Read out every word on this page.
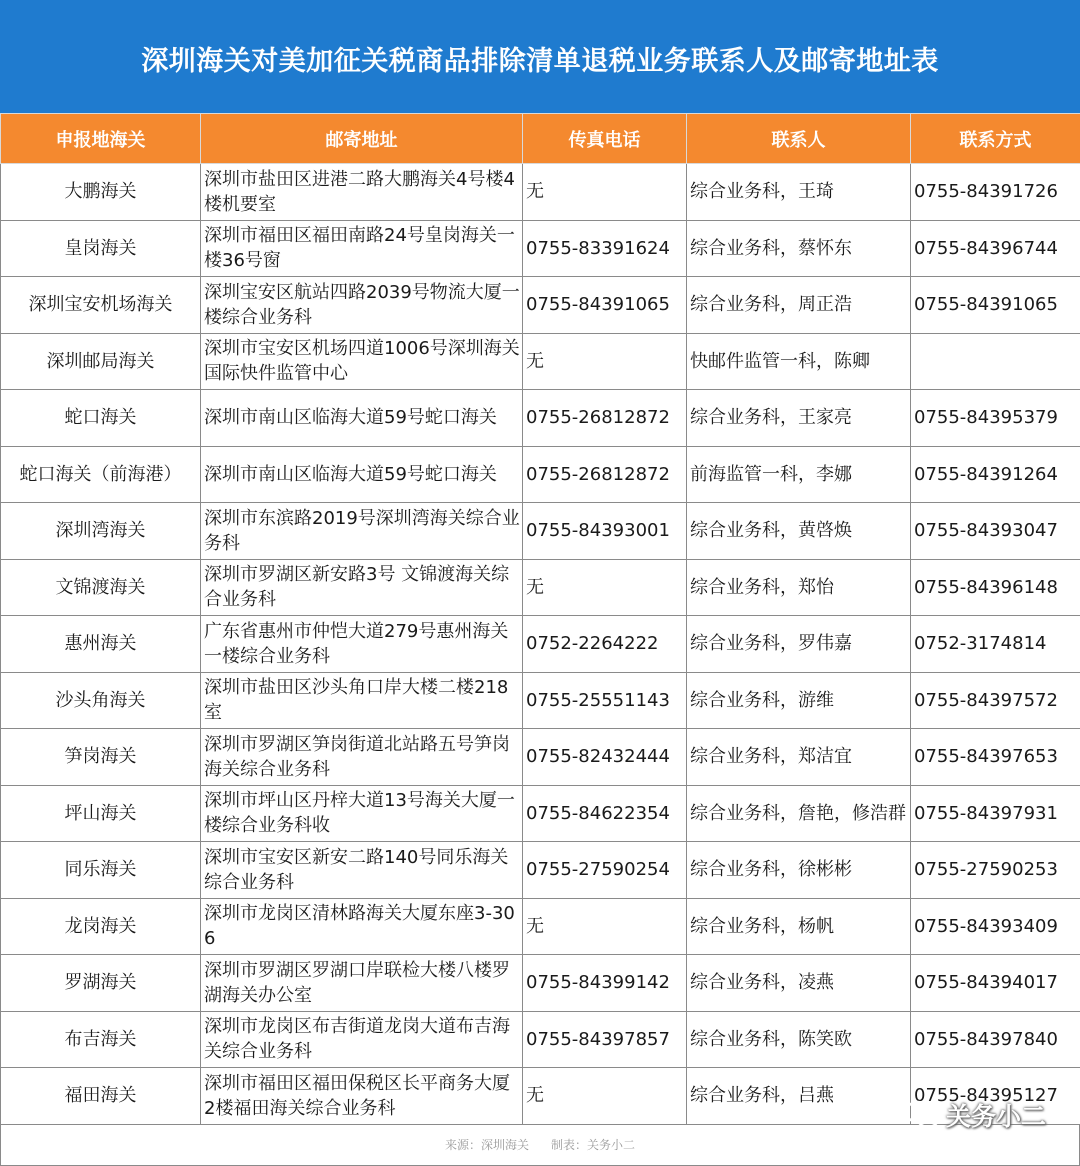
深圳海关对美加征关税商品排除清单退税业务联系人及邮寄地址表
申报地海关	邮寄地址	传真电话	联系人	联系方式
大鹏海关	深圳市盐田区进港二路大鹏海关4号楼4楼机要室	无	综合业务科，王琦	0755-84391726
皇岗海关	深圳市福田区福田南路24号皇岗海关一楼36号窗	0755-83391624	综合业务科，蔡怀东	0755-84396744
深圳宝安机场海关	深圳宝安区航站四路2039号物流大厦一楼综合业务科	0755-84391065	综合业务科，周正浩	0755-84391065
深圳邮局海关	深圳市宝安区机场四道1006号深圳海关国际快件监管中心	无	快邮件监管一科，陈卿	
蛇口海关	深圳市南山区临海大道59号蛇口海关	0755-26812872	综合业务科，王家亮	0755-84395379
蛇口海关（前海港）	深圳市南山区临海大道59号蛇口海关	0755-26812872	前海监管一科，李娜	0755-84391264
深圳湾海关	深圳市东滨路2019号深圳湾海关综合业务科	0755-84393001	综合业务科，黄啓焕	0755-84393047
文锦渡海关	深圳市罗湖区新安路3号 文锦渡海关综合业务科	无	综合业务科，郑怡	0755-84396148
惠州海关	广东省惠州市仲恺大道279号惠州海关一楼综合业务科	0752-2264222	综合业务科，罗伟嘉	0752-3174814
沙头角海关	深圳市盐田区沙头角口岸大楼二楼218室	0755-25551143	综合业务科，游维	0755-84397572
笋岗海关	深圳市罗湖区笋岗街道北站路五号笋岗海关综合业务科	0755-82432444	综合业务科，郑洁宜	0755-84397653
坪山海关	深圳市坪山区丹梓大道13号海关大厦一楼综合业务科收	0755-84622354	综合业务科，詹艳，修浩群	0755-84397931
同乐海关	深圳市宝安区新安二路140号同乐海关综合业务科	0755-27590254	综合业务科，徐彬彬	0755-27590253
龙岗海关	深圳市龙岗区清林路海关大厦东座3-306	无	综合业务科，杨帆	0755-84393409
罗湖海关	深圳市罗湖区罗湖口岸联检大楼八楼罗湖海关办公室	0755-84399142	综合业务科，凌燕	0755-84394017
布吉海关	深圳市龙岗区布吉街道龙岗大道布吉海关综合业务科	0755-84397857	综合业务科，陈笑欧	0755-84397840
福田海关	深圳市福田区福田保税区长平商务大厦2楼福田海关综合业务科	无	综合业务科，吕燕	0755-84395127
来源：深圳海关 制表：关务小二
关务小二
